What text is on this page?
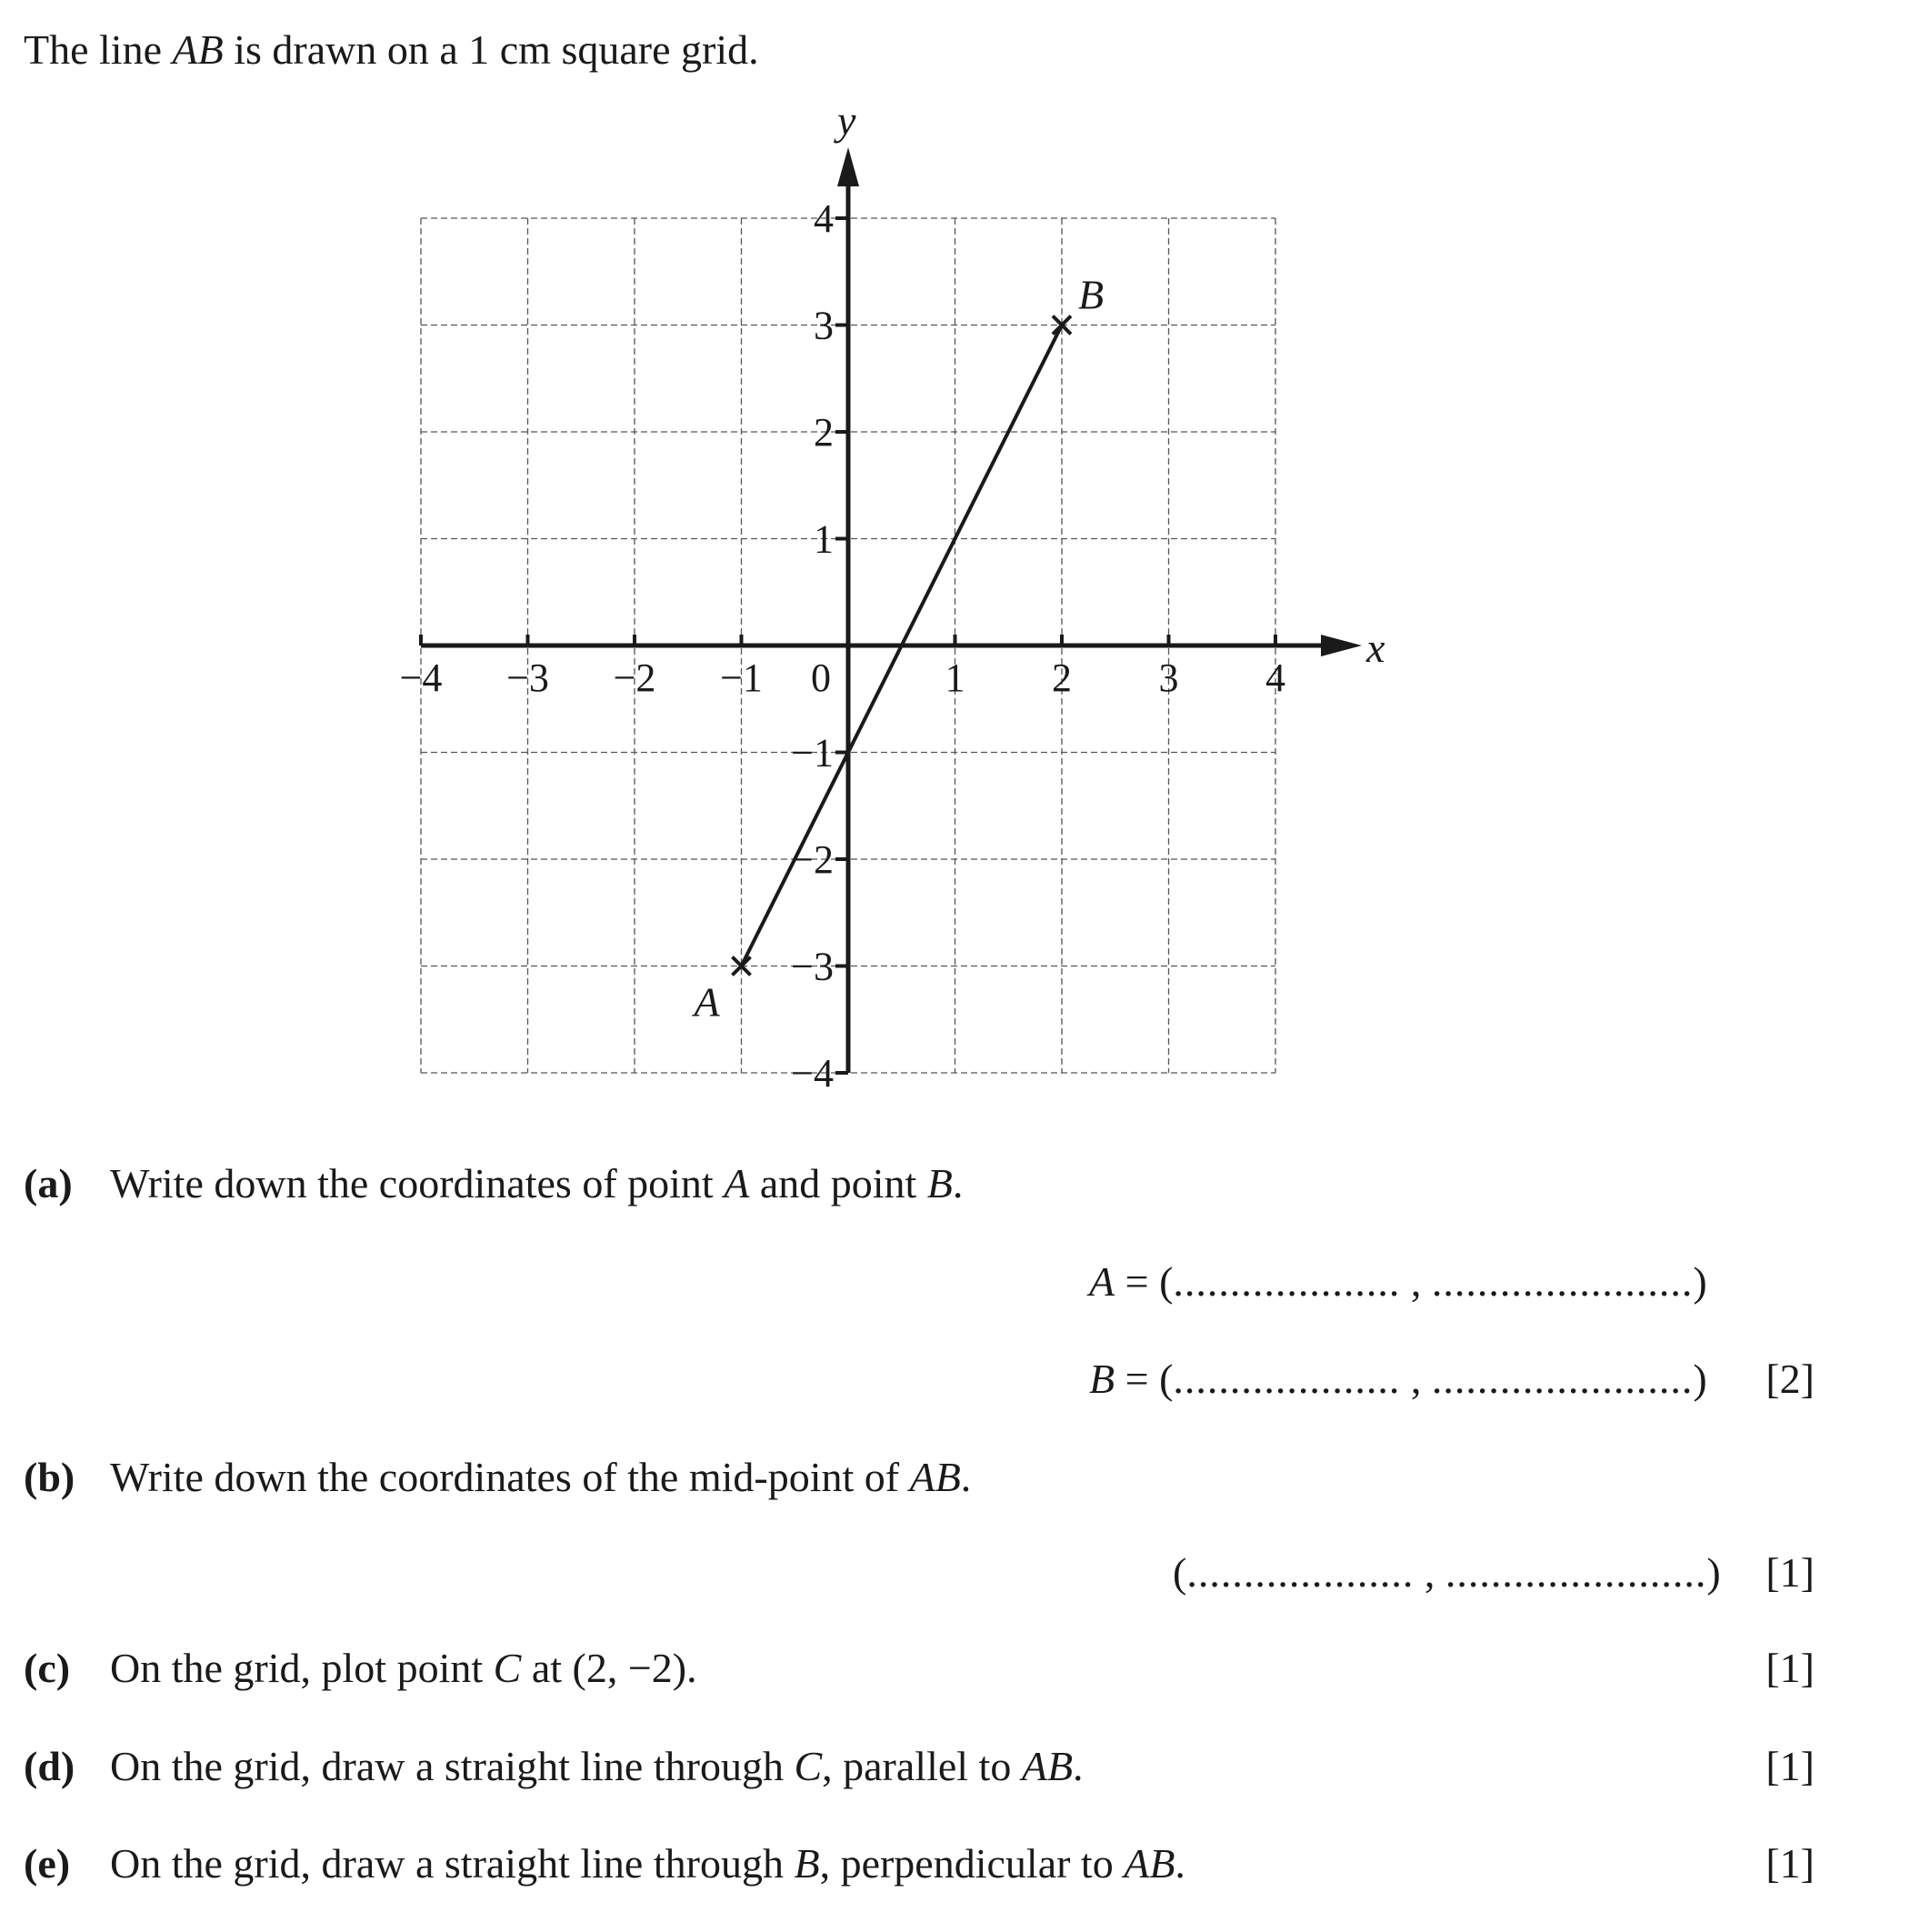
The line AB is drawn on a 1 cm square grid.
x
y
−4 −3 −2 −1	1 2 3 4
0
4
3
2
1
−1
−2
−3
−4
A
B
(a) Write down the coordinates of point A and point B.
A = (.................... , .......................)
B = (.................... , .......................) [2]
(b) Write down the coordinates of the mid-point of AB.
(.................... , .......................) [1]
(c) On the grid, plot point C at (2, −2).	[1]
(d) On the grid, draw a straight line through C, parallel to AB.	[1]
(e) On the grid, draw a straight line through B, perpendicular to AB.	[1]
